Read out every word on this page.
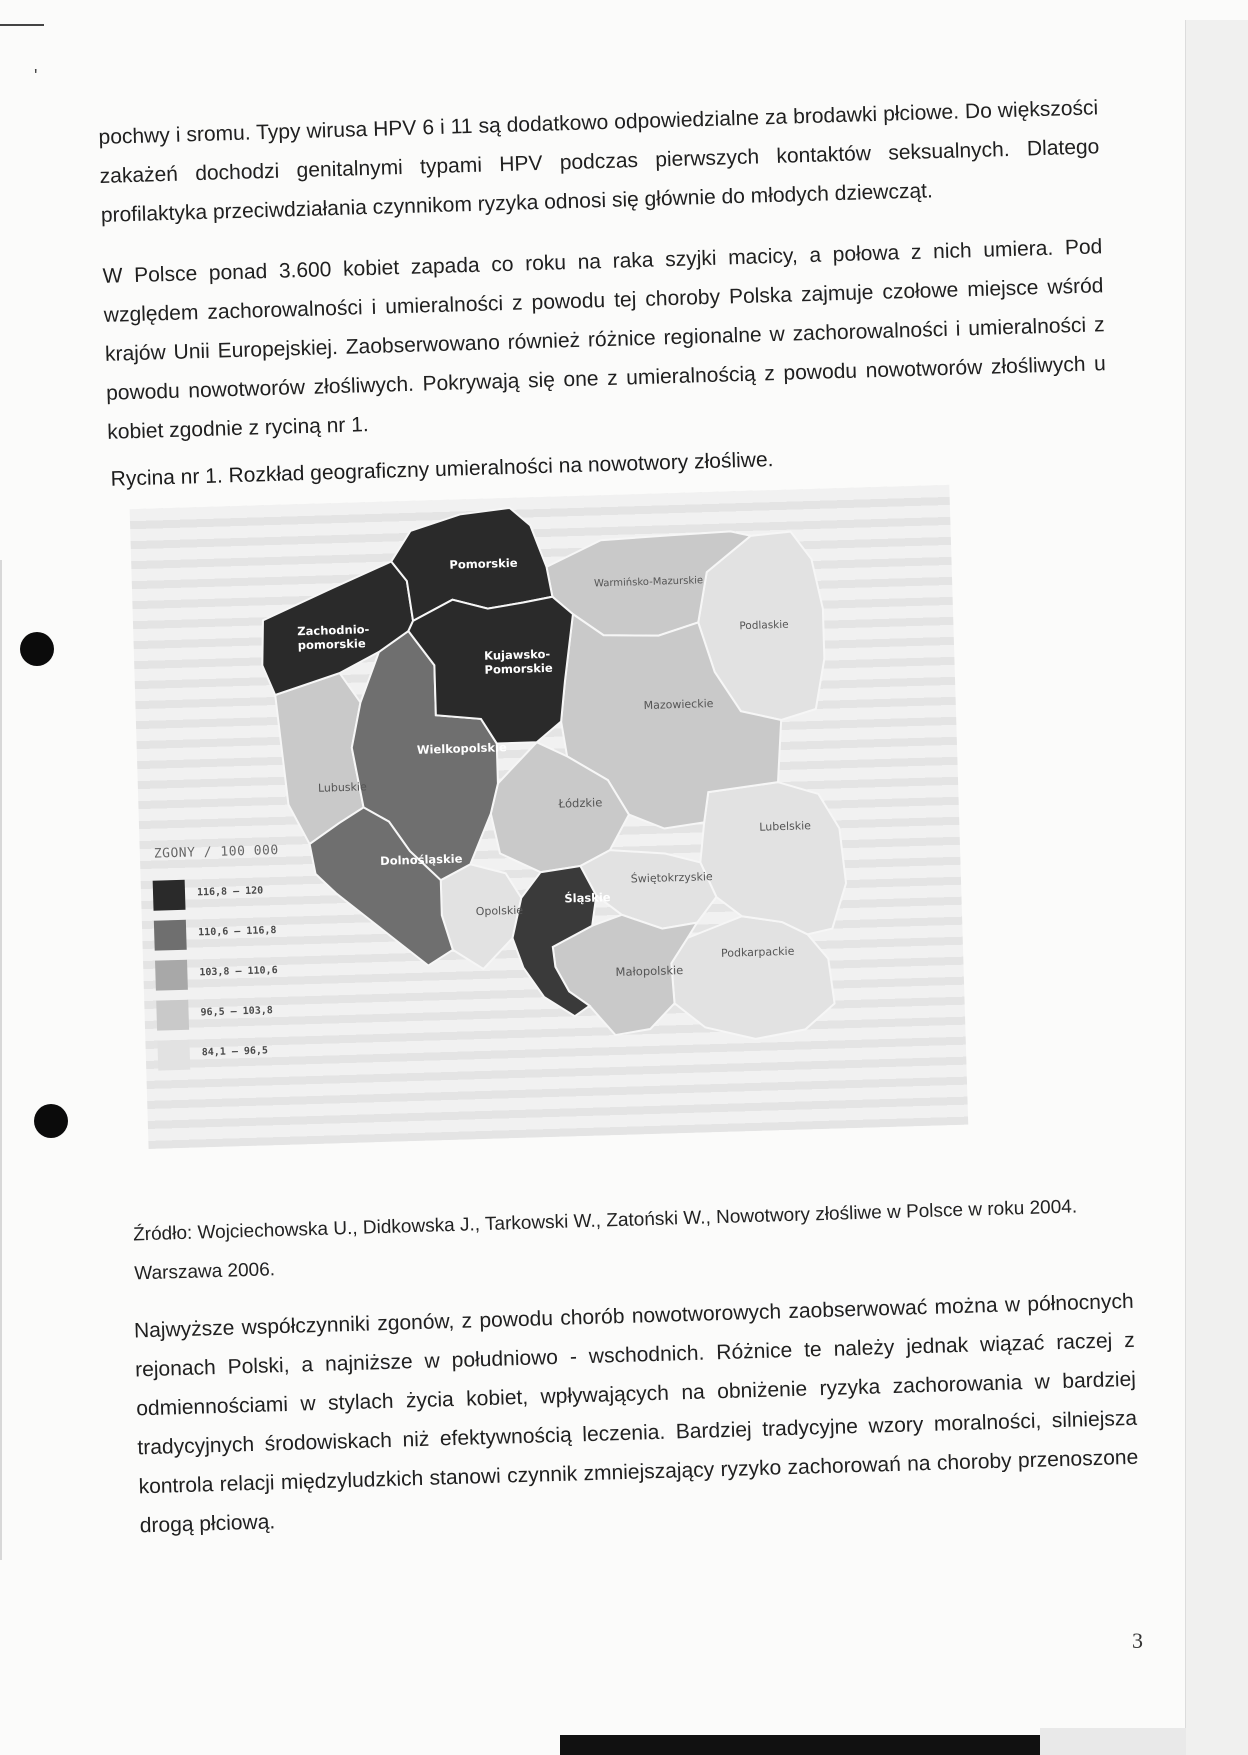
'

pochwy i sromu. Typy wirusa HPV 6 i 11 są dodatkowo odpowiedzialne za brodawki płciowe. Do większości zakażeń dochodzi genitalnymi typami HPV podczas pierwszych kontaktów seksualnych. Dlatego profilaktyka przeciwdziałania czynnikom ryzyka odnosi się głównie do młodych dziewcząt.

W Polsce ponad 3.600 kobiet zapada co roku na raka szyjki macicy, a połowa z nich umiera. Pod względem zachorowalności i umieralności z powodu tej choroby Polska zajmuje czołowe miejsce wśród krajów Unii Europejskiej. Zaobserwowano również różnice regionalne w zachorowalności i umieralności z powodu nowotworów złośliwych. Pokrywają się one z umieralnością z powodu nowotworów złośliwych u kobiet zgodnie z ryciną nr 1.

Rycina nr 1. Rozkład geograficzny umieralności na nowotwory złośliwe.

ZGONY / 100 000
116,8 – 120
110,6 – 116,8
103,8 – 110,6
96,5 – 103,8
84,1 – 96,5
Pomorskie
Zachodnio-
pomorskie
Kujawsko-
Pomorskie
Warmińsko-Mazurskie
Podlaskie
Mazowieckie
Wielkopolskie
Lubuskie
Łódzkie
Lubelskie
Dolnośląskie
Świętokrzyskie
Opolskie
Śląskie
Podkarpackie
Małopolskie

Źródło: Wojciechowska U., Didkowska J., Tarkowski W., Zatoński W., Nowotwory złośliwe w Polsce w roku 2004. Warszawa 2006.

Najwyższe współczynniki zgonów, z powodu chorób nowotworowych zaobserwować można w północnych rejonach Polski, a najniższe w południowo - wschodnich. Różnice te należy jednak wiązać raczej z odmiennościami w stylach życia kobiet, wpływających na obniżenie ryzyka zachorowania w bardziej tradycyjnych środowiskach niż efektywnością leczenia. Bardziej tradycyjne wzory moralności, silniejsza kontrola relacji międzyludzkich stanowi czynnik zmniejszający ryzyko zachorowań na choroby przenoszone drogą płciową.

3
